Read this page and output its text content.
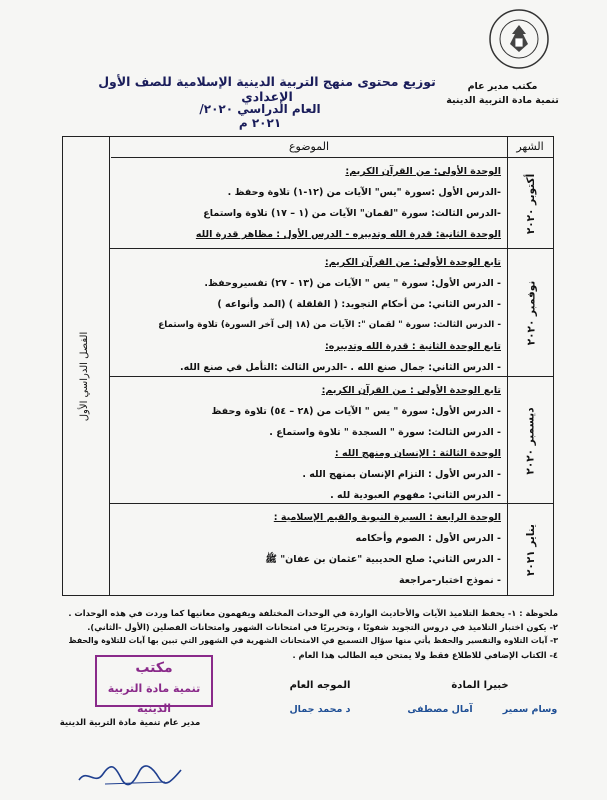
مكتب مدير عام
تنمية مادة التربية الدينية
توزيع محتوى منهج التربية الدينية الإسلامية للصف الأول الإعدادي
العام الدراسي ٢٠٢٠/ ٢٠٢١ م
الموضوع	الشهر
الفصل الدراسي الأول
أكتوبر ٢٠٢٠
الوحدة الأولى: من القرآن الكريم:
-الدرس الأول :سورة "يس" الآيات من (١٢-١) تلاوة وحفظ .
-الدرس الثالث: سورة "لقمان" الآيات من (١ – ١٧) تلاوة واستماع
الوحدة الثانية: قدرة الله وتدبيره - الدرس الأول : مظاهر قدرة الله
نوفمبر ٢٠٢٠
تابع الوحدة الأولى: من القرآن الكريم:
- الدرس الأول: سورة " يس " الآيات من (١٣ - ٢٧) تفسيروحفظ.
- الدرس الثاني: من أحكام التجويد: ( القلقلة ) (المد وأنواعه )
- الدرس الثالث: سورة " لقمان ": الآيات من (١٨ إلى آخر السورة) تلاوة واستماع
تابع الوحدة الثانية : قدرة الله وتدبيره:
- الدرس الثاني: جمال صنع الله . -الدرس الثالث :التأمل في صنع الله.
ديسمبر ٢٠٢٠
تابع الوحدة الأولى : من القرآن الكريم:
- الدرس الأول: سورة " يس " الآيات من (٢٨ – ٥٤) تلاوة وحفظ
- الدرس الثالث: سورة " السجدة " تلاوة واستماع .
الوحدة الثالثة : الإنسان ومنهج الله :
- الدرس الأول : التزام الإنسان بمنهج الله .
- الدرس الثاني: مفهوم العبودية لله .
يناير ٢٠٢١
الوحدة الرابعة : السيرة النبوية والقيم الإسلامية :
- الدرس الأول : الصوم وأحكامه
- الدرس الثاني: صلح الحديبية "عثمان بن عفان" ﷺ
- نموذج اختبار-مراجعة
ملحوظة : ١- يحفظ التلاميذ الآيات والأحاديث الواردة في الوحدات المختلفة ويفهمون معانيها كما وردت في هذه الوحدات .
٢- يكون اختبار التلاميذ في دروس التجويد شفويًا ، وتحريريًا في امتحانات الشهور وامتحانات الفصلين (الأول -الثاني).
٣- آيات التلاوة والتفسير والحفظ يأتي منها سؤال التسميع في الامتحانات الشهرية في الشهور التي تبين بها آيات للتلاوة والحفظ
٤- الكتاب الإضافي للاطلاع فقط ولا يمتحن فيه الطالب هذا العام .
مكتب
تنمية مادة التربية الدينية
مدير عام تنمية مادة التربية الدينية
الموجه العام
د محمد جمال
خبيرا المادة
وسام سمير
آمال مصطفى
